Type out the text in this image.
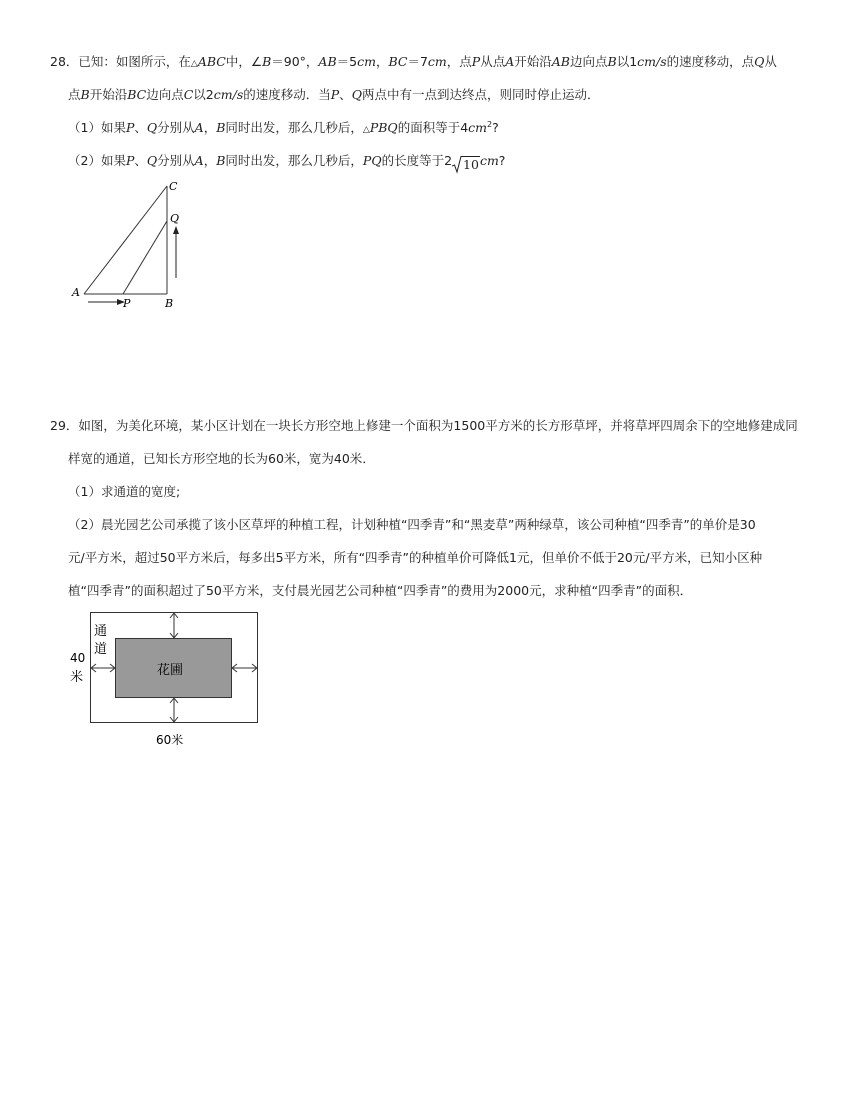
28．已知：如图所示，在△ABC中，∠B＝90°，AB＝5cm，BC＝7cm，点P从点A开始沿AB边向点B以1cm/s的速度移动，点Q从
点B开始沿BC边向点C以2cm/s的速度移动．当P、Q两点中有一点到达终点，则同时停止运动．
（1）如果P、Q分别从A，B同时出发，那么几秒后，△PBQ的面积等于$4cm^2$?
（2）如果P、Q分别从A，B同时出发，那么几秒后，PQ的长度等于2 10cm?
C
Q
A
B
P
29．如图，为美化环境，某小区计划在一块长方形空地上修建一个面积为1500平方米的长方形草坪，并将草坪四周余下的空地修建成同
样宽的通道，已知长方形空地的长为60米，宽为40米．
（1）求通道的宽度;
（2）晨光园艺公司承揽了该小区草坪的种植工程，计划种植“四季青”和“黑麦草”两种绿草，该公司种植“四季青”的单价是30
元/平方米，超过50平方米后，每多出5平方米，所有“四季青”的种植单价可降低1元，但单价不低于20元/平方米，已知小区种
植“四季青”的面积超过了50平方米，支付晨光园艺公司种植“四季青”的费用为2000元，求种植“四季青”的面积．
通
道
40
米	花圃
60米
